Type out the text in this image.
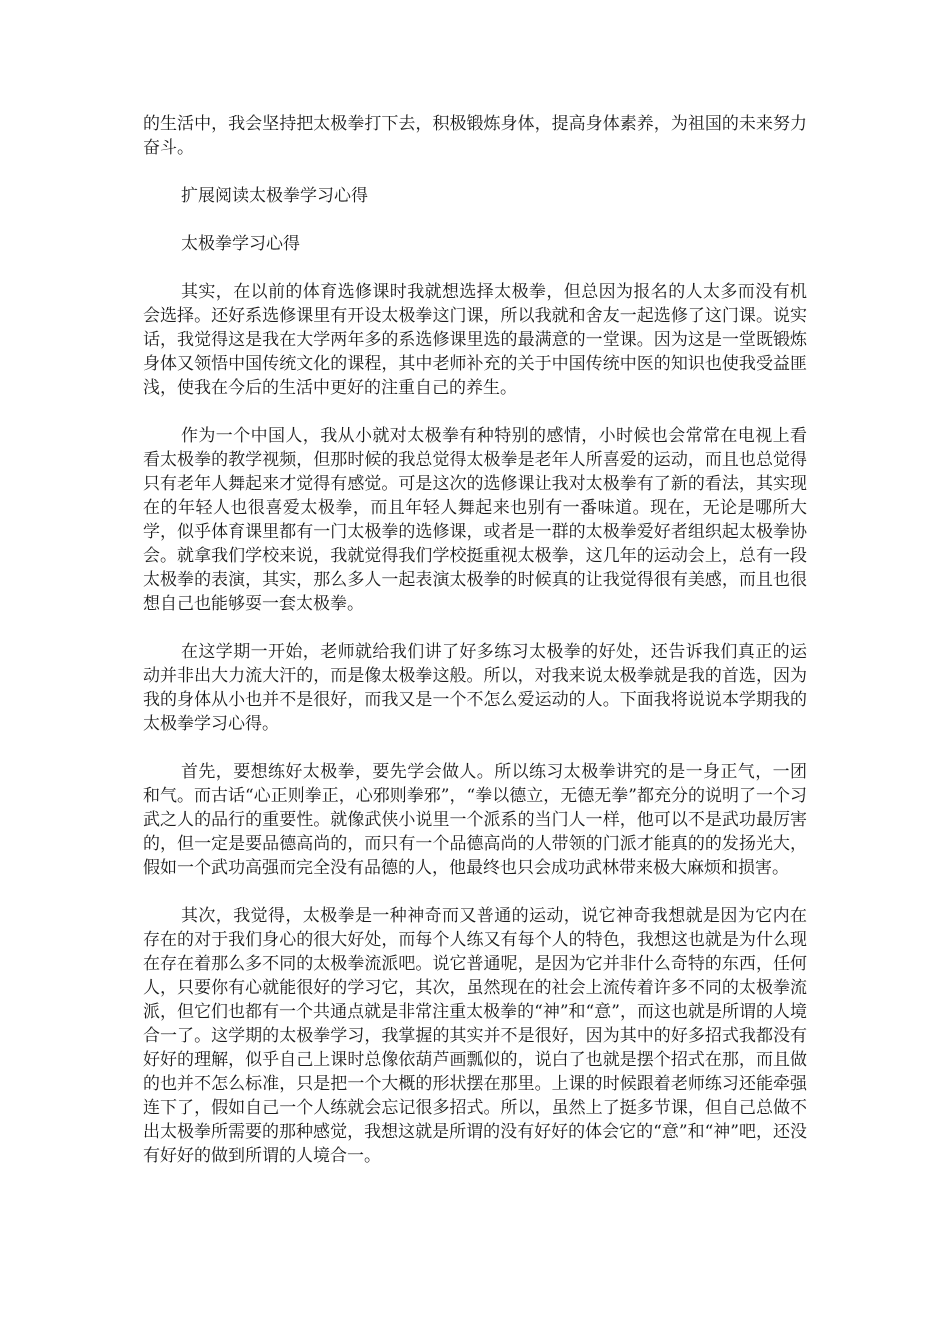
的生活中，我会坚持把太极拳打下去，积极锻炼身体，提高身体素养，为祖国的未来努力奋斗。

扩展阅读太极拳学习心得

太极拳学习心得

其实，在以前的体育选修课时我就想选择太极拳，但总因为报名的人太多而没有机会选择。还好系选修课里有开设太极拳这门课，所以我就和舍友一起选修了这门课。说实话，我觉得这是我在大学两年多的系选修课里选的最满意的一堂课。因为这是一堂既锻炼身体又领悟中国传统文化的课程，其中老师补充的关于中国传统中医的知识也使我受益匪浅，使我在今后的生活中更好的注重自己的养生。

作为一个中国人，我从小就对太极拳有种特别的感情，小时候也会常常在电视上看看太极拳的教学视频，但那时候的我总觉得太极拳是老年人所喜爱的运动，而且也总觉得只有老年人舞起来才觉得有感觉。可是这次的选修课让我对太极拳有了新的看法，其实现在的年轻人也很喜爱太极拳，而且年轻人舞起来也别有一番味道。现在，无论是哪所大学，似乎体育课里都有一门太极拳的选修课，或者是一群的太极拳爱好者组织起太极拳协会。就拿我们学校来说，我就觉得我们学校挺重视太极拳，这几年的运动会上，总有一段太极拳的表演，其实，那么多人一起表演太极拳的时候真的让我觉得很有美感，而且也很想自己也能够耍一套太极拳。

在这学期一开始，老师就给我们讲了好多练习太极拳的好处，还告诉我们真正的运动并非出大力流大汗的，而是像太极拳这般。所以，对我来说太极拳就是我的首选，因为我的身体从小也并不是很好，而我又是一个不怎么爱运动的人。下面我将说说本学期我的太极拳学习心得。

首先，要想练好太极拳，要先学会做人。所以练习太极拳讲究的是一身正气，一团和气。而古话“心正则拳正，心邪则拳邪”，“拳以德立，无德无拳”都充分的说明了一个习武之人的品行的重要性。就像武侠小说里一个派系的当门人一样，他可以不是武功最厉害的，但一定是要品德高尚的，而只有一个品德高尚的人带领的门派才能真的的发扬光大，假如一个武功高强而完全没有品德的人，他最终也只会成功武林带来极大麻烦和损害。

其次，我觉得，太极拳是一种神奇而又普通的运动，说它神奇我想就是因为它内在存在的对于我们身心的很大好处，而每个人练又有每个人的特色，我想这也就是为什么现在存在着那么多不同的太极拳流派吧。说它普通呢，是因为它并非什么奇特的东西，任何人，只要你有心就能很好的学习它，其次，虽然现在的社会上流传着许多不同的太极拳流派，但它们也都有一个共通点就是非常注重太极拳的“神”和“意”，而这也就是所谓的人境合一了。这学期的太极拳学习，我掌握的其实并不是很好，因为其中的好多招式我都没有好好的理解，似乎自己上课时总像依葫芦画瓢似的，说白了也就是摆个招式在那，而且做的也并不怎么标准，只是把一个大概的形状摆在那里。上课的时候跟着老师练习还能牵强连下了，假如自己一个人练就会忘记很多招式。所以，虽然上了挺多节课，但自己总做不出太极拳所需要的那种感觉，我想这就是所谓的没有好好的体会它的“意”和“神”吧，还没有好好的做到所谓的人境合一。
